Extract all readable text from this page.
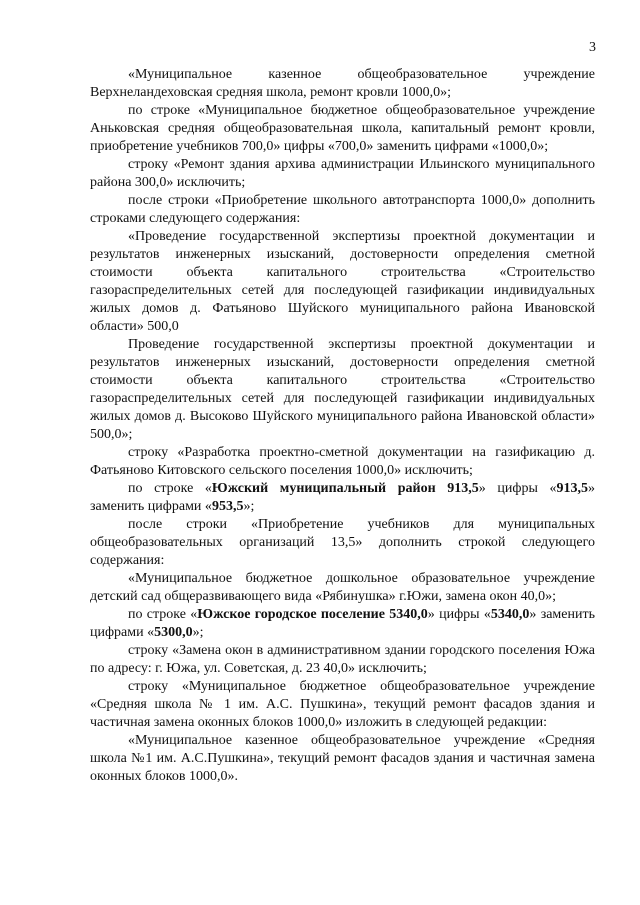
3

«Муниципальное казенное общеобразовательное учреждение Верхнеландеховская средняя школа, ремонт кровли 1000,0»;

по строке «Муниципальное бюджетное общеобразовательное учреждение Аньковская средняя общеобразовательная школа, капитальный ремонт кровли, приобретение учебников 700,0» цифры «700,0» заменить цифрами «1000,0»;

строку «Ремонт здания архива администрации Ильинского муниципального района 300,0» исключить;

после строки «Приобретение школьного автотранспорта 1000,0» дополнить строками следующего содержания:

«Проведение государственной экспертизы проектной документации и результатов инженерных изысканий, достоверности определения сметной стоимости объекта капитального строительства «Строительство газораспределительных сетей для последующей газификации индивидуальных жилых домов д. Фатьяново Шуйского муниципального района Ивановской области» 500,0

Проведение государственной экспертизы проектной документации и результатов инженерных изысканий, достоверности определения сметной стоимости объекта капитального строительства «Строительство газораспределительных сетей для последующей газификации индивидуальных жилых домов д. Высоково Шуйского муниципального района Ивановской области» 500,0»;

строку «Разработка проектно-сметной документации на газификацию д. Фатьяново Китовского сельского поселения 1000,0» исключить;

по строке «Южский муниципальный район 913,5» цифры «913,5» заменить цифрами «953,5»;

после строки «Приобретение учебников для муниципальных общеобразовательных организаций 13,5» дополнить строкой следующего содержания:

«Муниципальное бюджетное дошкольное образовательное учреждение детский сад общеразвивающего вида «Рябинушка» г.Южи, замена окон 40,0»;

по строке «Южское городское поселение 5340,0» цифры «5340,0» заменить цифрами «5300,0»;

строку «Замена окон в административном здании городского поселения Южа по адресу: г. Южа, ул. Советская, д. 23 40,0» исключить;

строку «Муниципальное бюджетное общеобразовательное учреждение «Средняя школа № 1 им. А.С. Пушкина», текущий ремонт фасадов здания и частичная замена оконных блоков 1000,0» изложить в следующей редакции:

«Муниципальное казенное общеобразовательное учреждение «Средняя школа №1 им. А.С.Пушкина», текущий ремонт фасадов здания и частичная замена оконных блоков 1000,0».
